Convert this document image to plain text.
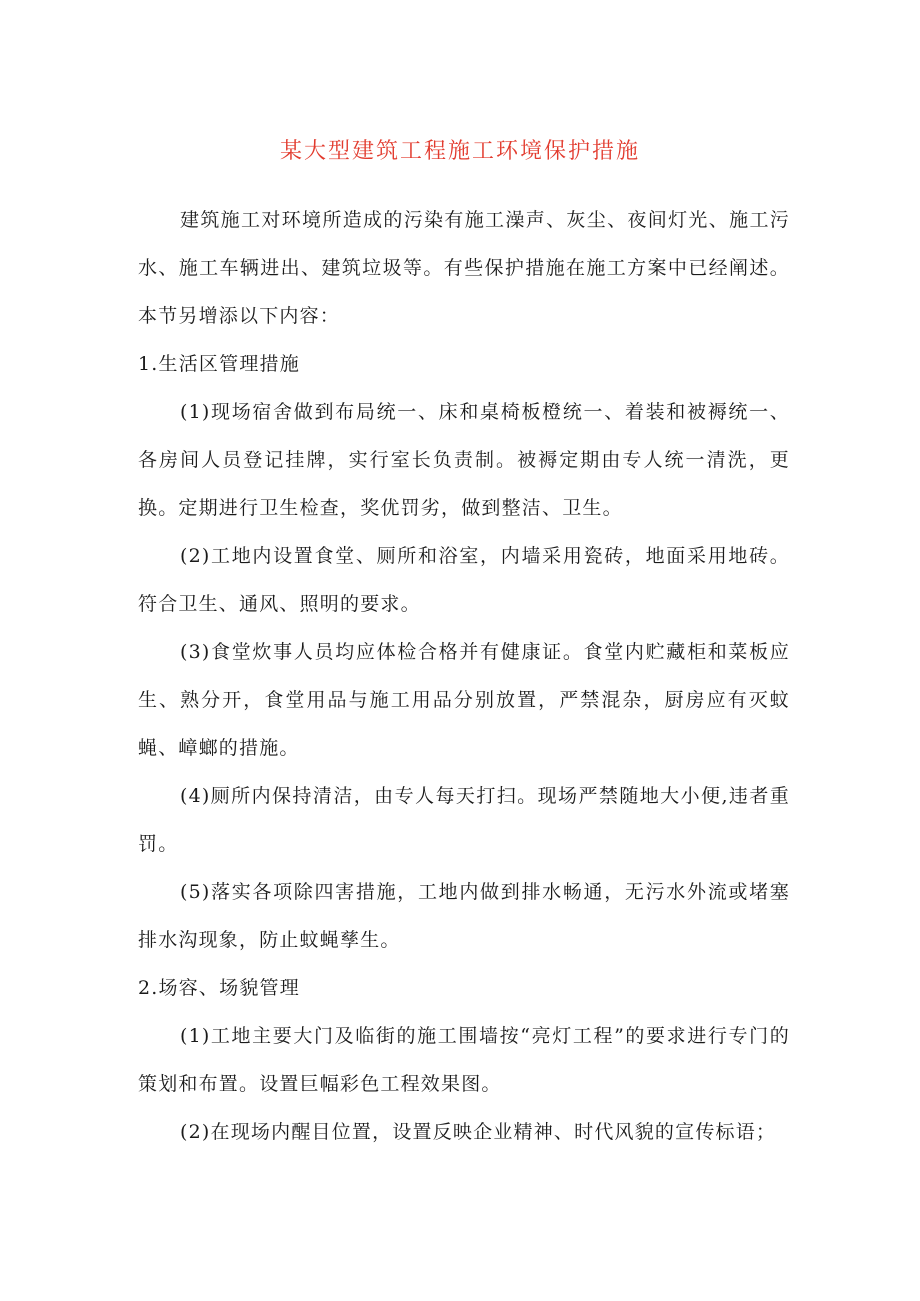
某大型建筑工程施工环境保护措施

建筑施工对环境所造成的污染有施工澡声、灰尘、夜间灯光、施工污水、施工车辆进出、建筑垃圾等。有些保护措施在施工方案中已经阐述。本节另增添以下内容：

1.生活区管理措施

(1)现场宿舍做到布局统一、床和桌椅板橙统一、着装和被褥统一、各房间人员登记挂牌，实行室长负责制。被褥定期由专人统一清洗，更换。定期进行卫生检查，奖优罚劣，做到整洁、卫生。

(2)工地内设置食堂、厕所和浴室，内墙采用瓷砖，地面采用地砖。符合卫生、通风、照明的要求。

(3)食堂炊事人员均应体检合格并有健康证。食堂内贮藏柜和菜板应生、熟分开，食堂用品与施工用品分别放置，严禁混杂，厨房应有灭蚊蝇、嶂螂的措施。

(4)厕所内保持清洁，由专人每天打扫。现场严禁随地大小便,违者重罚。

(5)落实各项除四害措施，工地内做到排水畅通，无污水外流或堵塞排水沟现象，防止蚊蝇孳生。

2.场容、场貌管理

(1)工地主要大门及临街的施工围墙按“亮灯工程”的要求进行专门的策划和布置。设置巨幅彩色工程效果图。

(2)在现场内醒目位置，设置反映企业精神、时代风貌的宣传标语；
